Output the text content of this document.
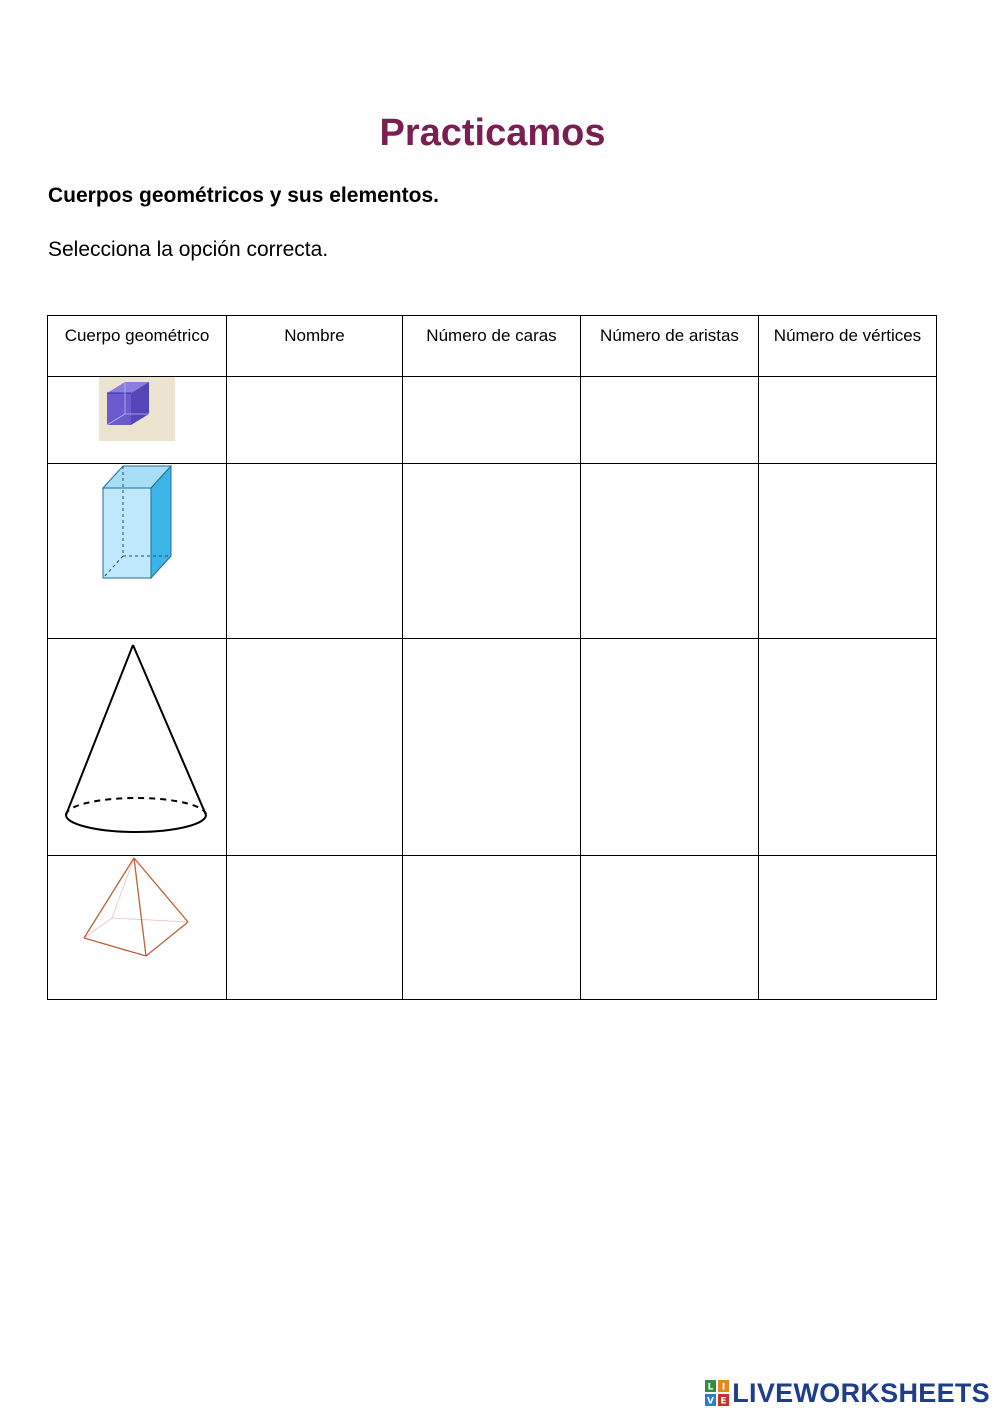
Practicamos
Cuerpos geométricos y sus elementos.
Selecciona la opción correcta.
Cuerpo geométrico	Nombre	Número de caras	Número de aristas	Número de vértices

L I
V E LIVEWORKSHEETS
